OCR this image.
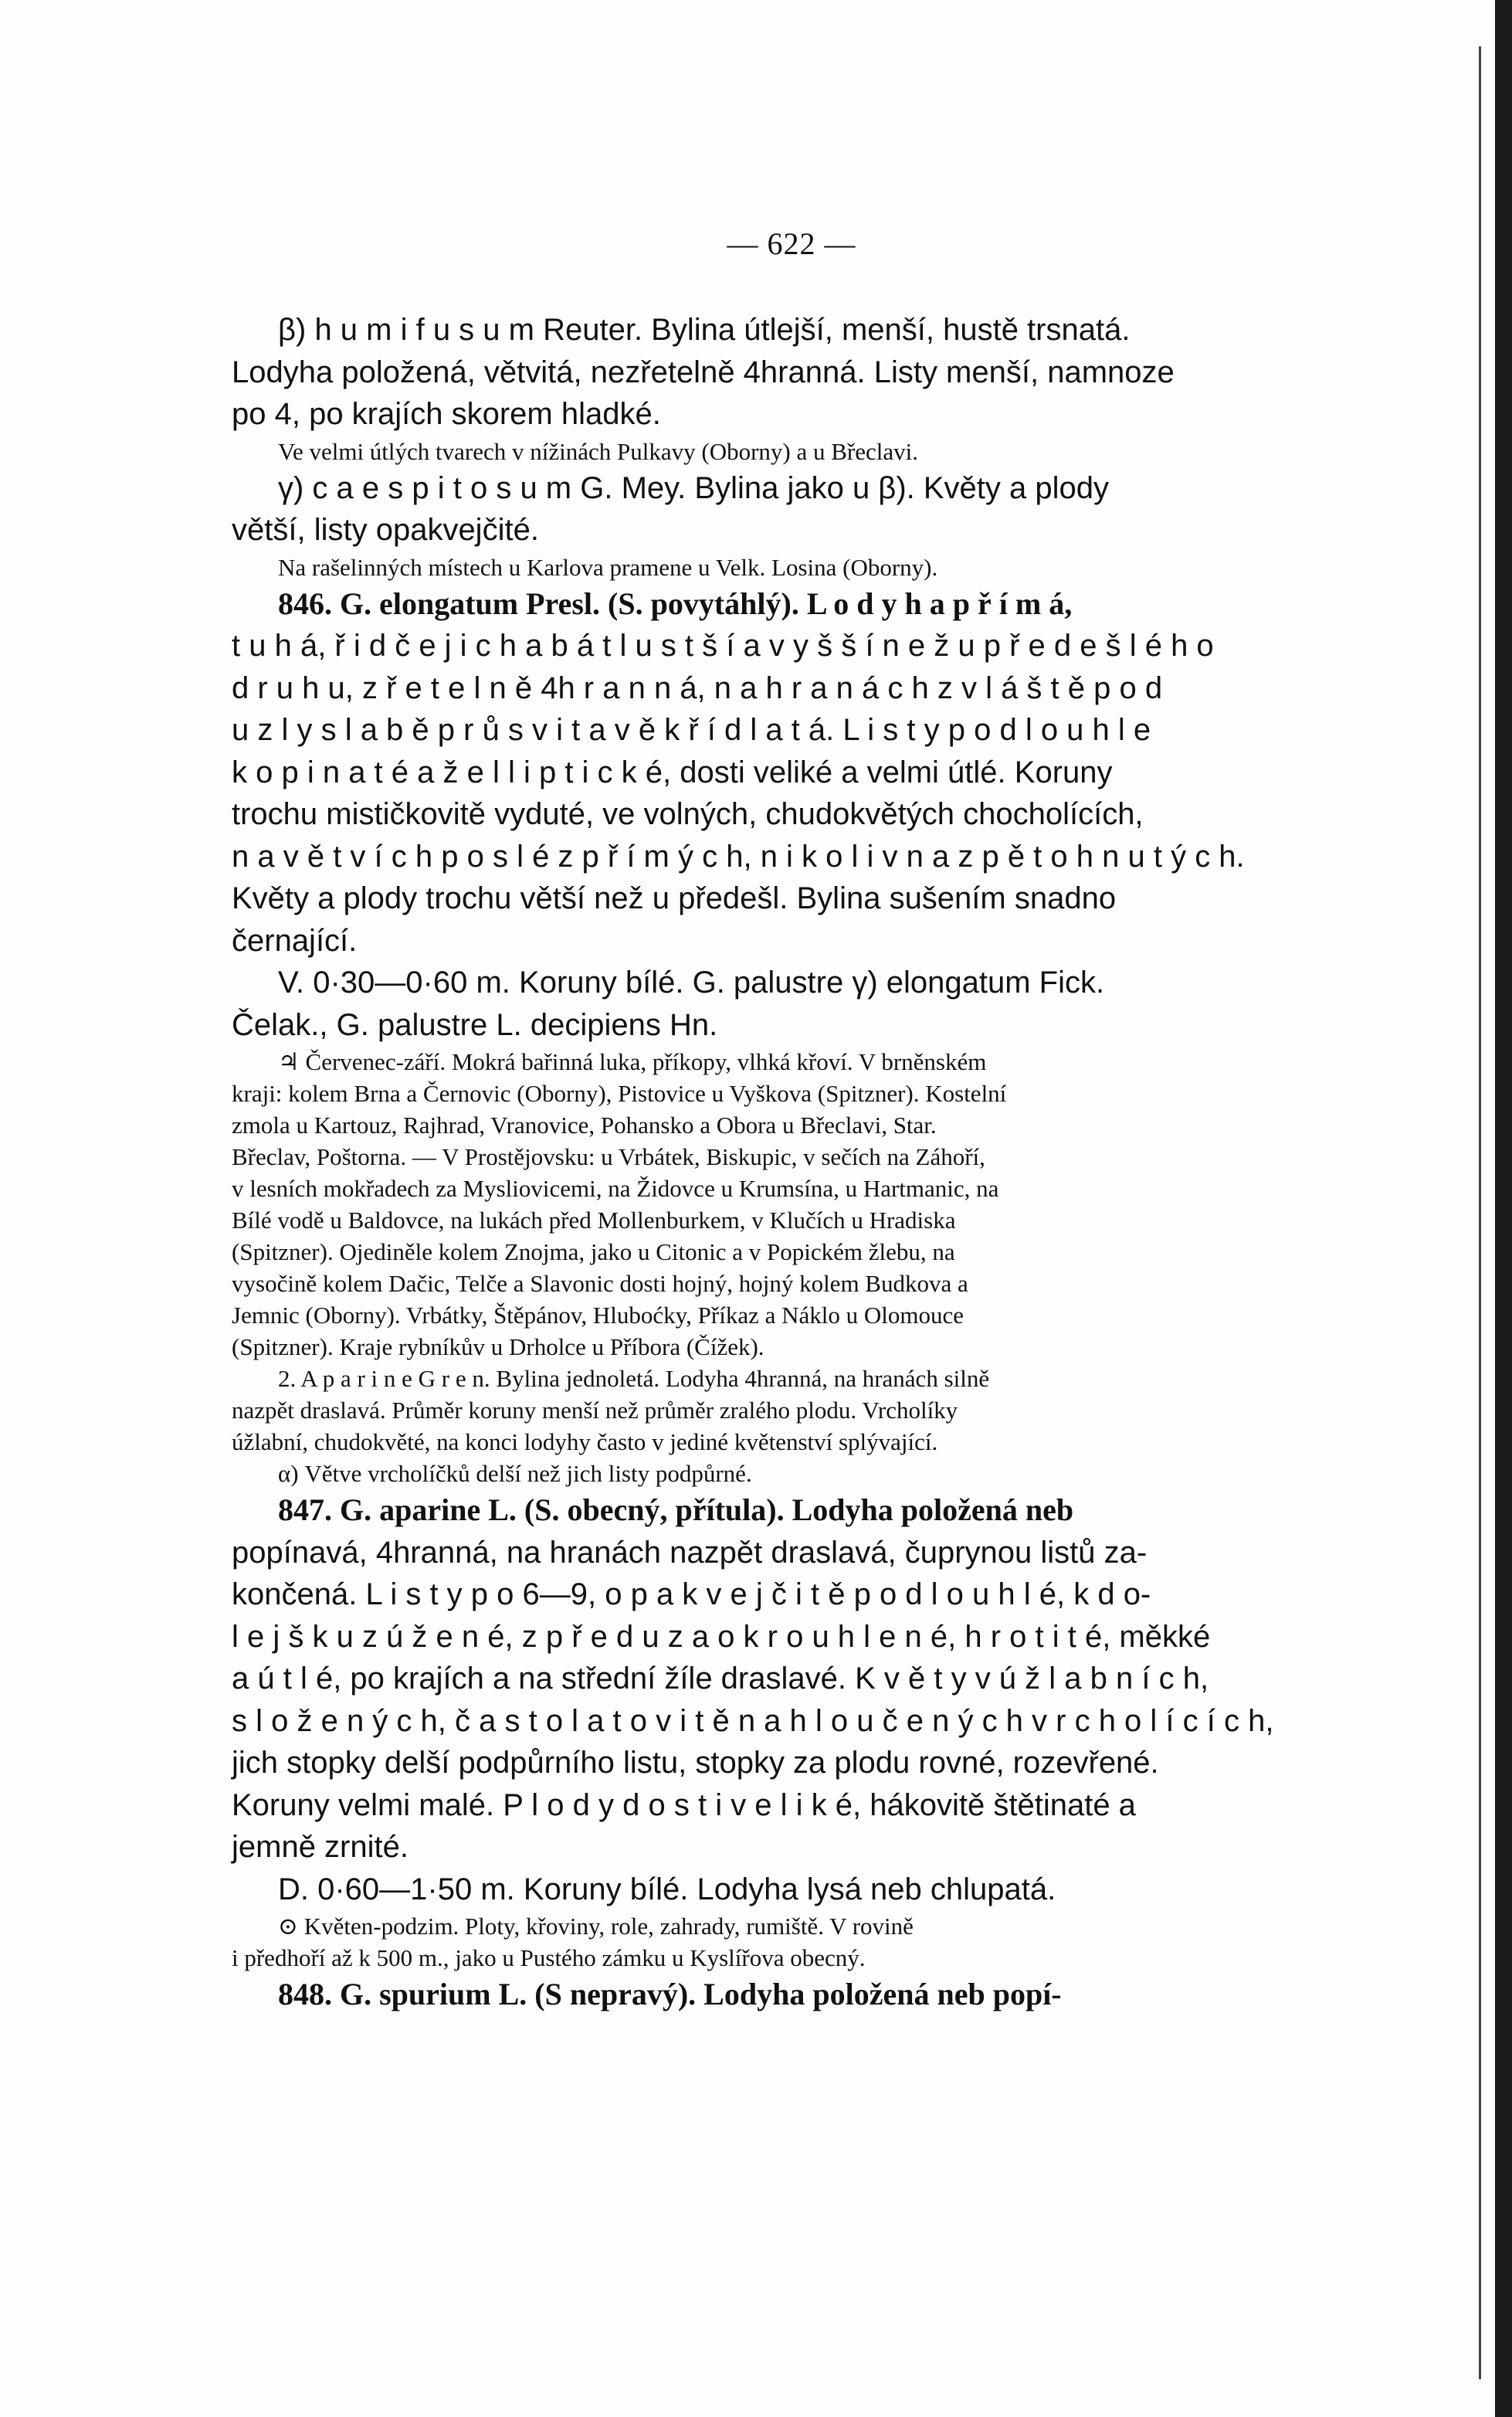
— 622 —
β) h u m i f u s u m Reuter. Bylina útlejší, menší, hustě trsnatá.
Lodyha položená, větvitá, nezřetelně 4hranná. Listy menší, namnoze
po 4, po krajích skorem hladké.
Ve velmi útlých tvarech v nížinách Pulkavy (Oborny) a u Břeclavi.
γ) c a e s p i t o s u m G. Mey. Bylina jako u β). Květy a plody
větší, listy opakvejčité.
Na rašelinných místech u Karlova pramene u Velk. Losina (Oborny).
846. G. elongatum Presl. (S. povytáhlý). L o d y h a p ř í m á,
t u h á, ř i d č e j i c h a b á t l u s t š í a v y š š í n e ž u p ř e d e š l é h o
d r u h u, z ř e t e l n ě 4h r a n n á, n a h r a n á c h z v l á š t ě p o d
u z l y s l a b ě p r ů s v i t a v ě k ř í d l a t á. L i s t y p o d l o u h l e
k o p i n a t é a ž e l l i p t i c k é, dosti veliké a velmi útlé. Koruny
trochu mističkovitě vyduté, ve volných, chudokvětých chocholících,
n a v ě t v í c h p o s l é z p ř í m ý c h, n i k o l i v n a z p ě t o h n u t ý c h.
Květy a plody trochu větší než u předešl. Bylina sušením snadno
černající.
V. 0·30—0·60 m. Koruny bílé. G. palustre γ) elongatum Fick.
Čelak., G. palustre L. decipiens Hn.
♃ Červenec-září. Mokrá bařinná luka, příkopy, vlhká křoví. V brněnském
kraji: kolem Brna a Černovic (Oborny), Pistovice u Vyškova (Spitzner). Kostelní
zmola u Kartouz, Rajhrad, Vranovice, Pohansko a Obora u Břeclavi, Star.
Břeclav, Poštorna. — V Prostějovsku: u Vrbátek, Biskupic, v sečích na Záhoří,
v lesních mokřadech za Mysliovicemi, na Židovce u Krumsína, u Hartmanic, na
Bílé vodě u Baldovce, na lukách před Mollenburkem, v Klučích u Hradiska
(Spitzner). Ojediněle kolem Znojma, jako u Citonic a v Popickém žlebu, na
vysočině kolem Dačic, Telče a Slavonic dosti hojný, hojný kolem Budkova a
Jemnic (Oborny). Vrbátky, Štěpánov, Hluboćky, Příkaz a Náklo u Olomouce
(Spitzner). Kraje rybníkův u Drholce u Příbora (Čížek).
2. A p a r i n e G r e n. Bylina jednoletá. Lodyha 4hranná, na hranách silně
nazpět draslavá. Průměr koruny menší než průměr zralého plodu. Vrcholíky
úžlabní, chudokvěté, na konci lodyhy často v jediné květenství splývající.
α) Větve vrcholíčků delší než jich listy podpůrné.
847. G. aparine L. (S. obecný, přítula). Lodyha položená neb
popínavá, 4hranná, na hranách nazpět draslavá, čuprynou listů za-
končená. L i s t y p o 6—9, o p a k v e j č i t ě p o d l o u h l é, k d o-
l e j š k u z ú ž e n é, z p ř e d u z a o k r o u h l e n é, h r o t i t é, měkké
a ú t l é, po krajích a na střední žíle draslavé. K v ě t y v ú ž l a b n í c h,
s l o ž e n ý c h, č a s t o l a t o v i t ě n a h l o u č e n ý c h v r c h o l í c í c h,
jich stopky delší podpůrního listu, stopky za plodu rovné, rozevřené.
Koruny velmi malé. P l o d y d o s t i v e l i k é, hákovitě štětinaté a
jemně zrnité.
D. 0·60—1·50 m. Koruny bílé. Lodyha lysá neb chlupatá.
⊙ Květen-podzim. Ploty, křoviny, role, zahrady, rumiště. V rovině
i předhoří až k 500 m., jako u Pustého zámku u Kyslířova obecný.
848. G. spurium L. (S nepravý). Lodyha položená neb popí-
